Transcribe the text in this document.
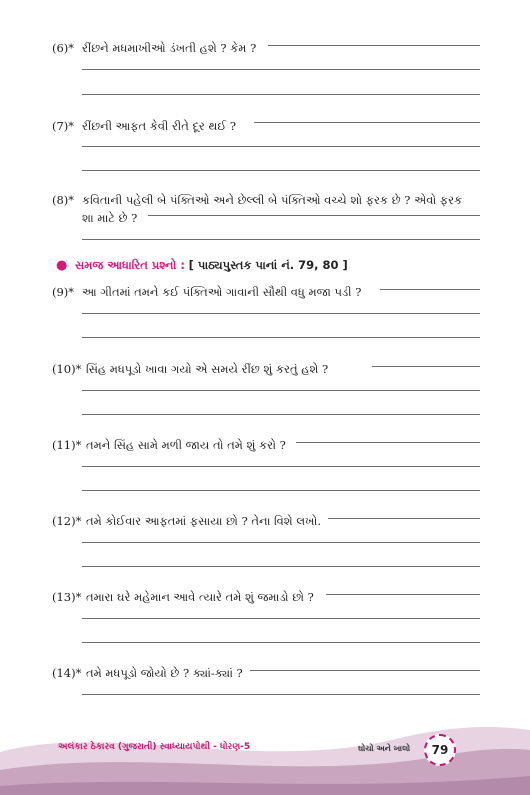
(6)* રીંછને મધમાખીઓ ડંખતી હશે ? કેમ ?
(7)* રીંછની આફત કેવી રીતે દૂર થઈ ?
(8)* કવિતાની પહેલી બે પંક્તિઓ અને છેલ્લી બે પંક્તિઓ વચ્ચે શો ફરક છે ? એવો ફરક
શા માટે છે ?
● સમજ આધારિત પ્રશ્નો : [ પાઠ્યપુસ્તક પાનાં નં. 79, 80 ]
(9)* આ ગીતમાં તમને કઈ પંક્તિઓ ગાવાની સૌથી વધુ મજા પડી ?
(10)* સિંહ મધપૂડો ખાવા ગયો એ સમયે રીંછ શું કરતું હશે ?
(11)* તમને સિંહ સામે મળી જાય તો તમે શું કરો ?
(12)* તમે કોઈવાર આફતમાં ફસાયા છો ? તેના વિશે લખો.
(13)* તમારા ઘરે મહેમાન આવે ત્યારે તમે શું જમાડો છો ?
(14)* તમે મધપૂડો જોયો છે ? ક્યાં-ક્યાં ?
અલંકાર ઠેકારવ (ગુજરાતી) સ્વાધ્યાયપોથી - ધોરણ-5	ઘોચો અને ખાલો	79
